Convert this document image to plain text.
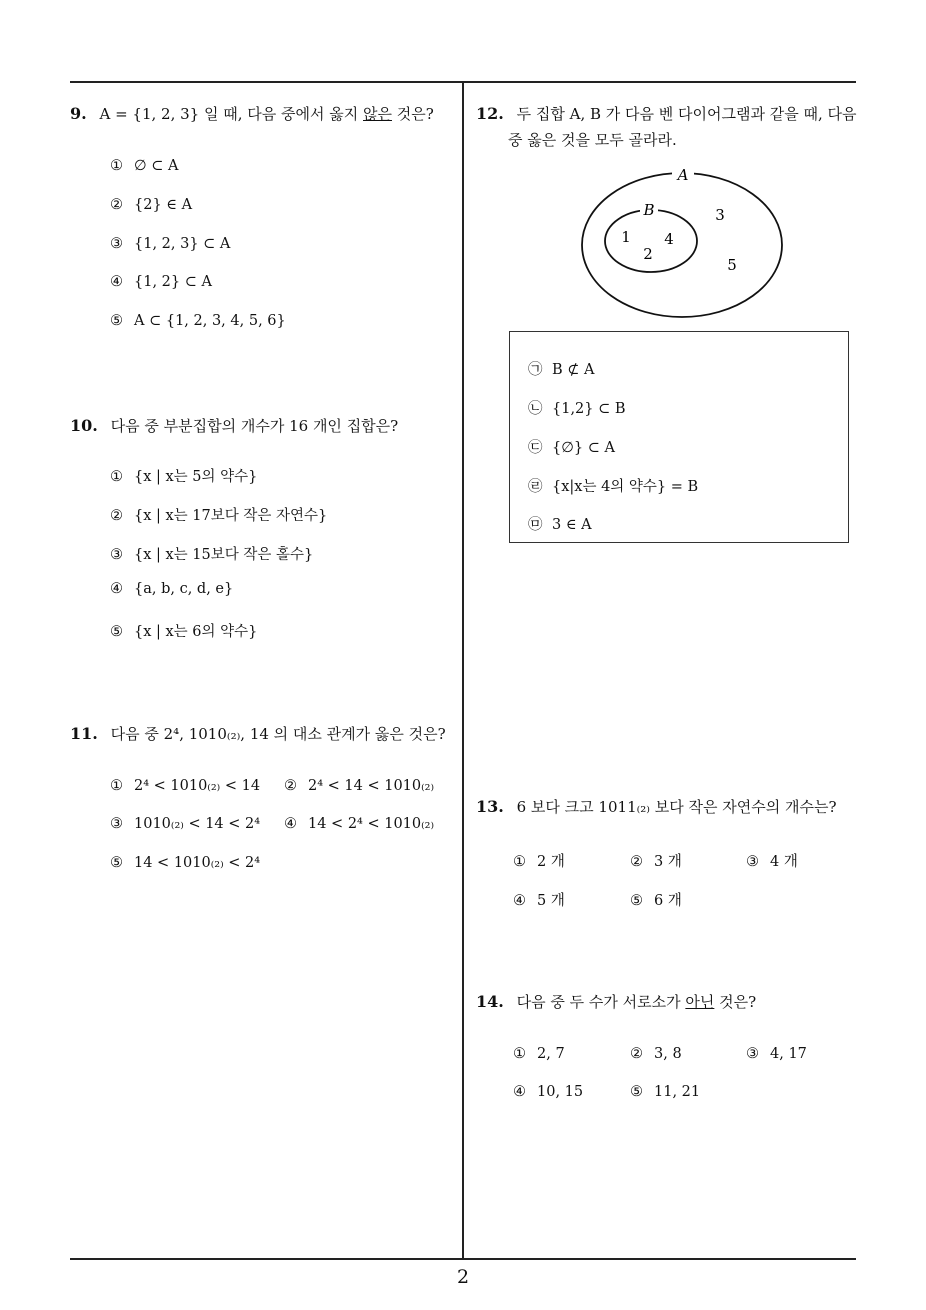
2
9. A = {1, 2, 3} 일 때, 다음 중에서 옳지 않은 것은?
① ∅ ⊂ A
② {2} ∈ A
③ {1, 2, 3} ⊂ A
④ {1, 2} ⊂ A
⑤ A ⊂ {1, 2, 3, 4, 5, 6}
10. 다음 중 부분집합의 개수가 16 개인 집합은?
① {x | x는 5의 약수}
② {x | x는 17보다 작은 자연수}
③ {x | x는 15보다 작은 홀수}
④ {a, b, c, d, e}
⑤ {x | x는 6의 약수}
11. 다음 중 2⁴, 1010₍₂₎, 14 의 대소 관계가 옳은 것은?
① 2⁴ < 1010₍₂₎ < 14 ② 2⁴ < 14 < 1010₍₂₎
③ 1010₍₂₎ < 14 < 2⁴ ④ 14 < 2⁴ < 1010₍₂₎
⑤ 14 < 1010₍₂₎ < 2⁴
12. 두 집합 A, B 가 다음 벤 다이어그램과 같을 때, 다음
중 옳은 것을 모두 골라라.
A
B
1
2
4
3
5
㉠ B ⊄ A
㉡ {1,2} ⊂ B
㉢ {∅} ⊂ A
㉣ {x|x는 4의 약수} = B
㉤ 3 ∈ A
13. 6 보다 크고 1011₍₂₎ 보다 작은 자연수의 개수는?
① 2 개	② 3 개	③ 4 개
④ 5 개	⑤ 6 개
14. 다음 중 두 수가 서로소가 아닌 것은?
① 2, 7	② 3, 8	③ 4, 17
④ 10, 15	⑤ 11, 21
